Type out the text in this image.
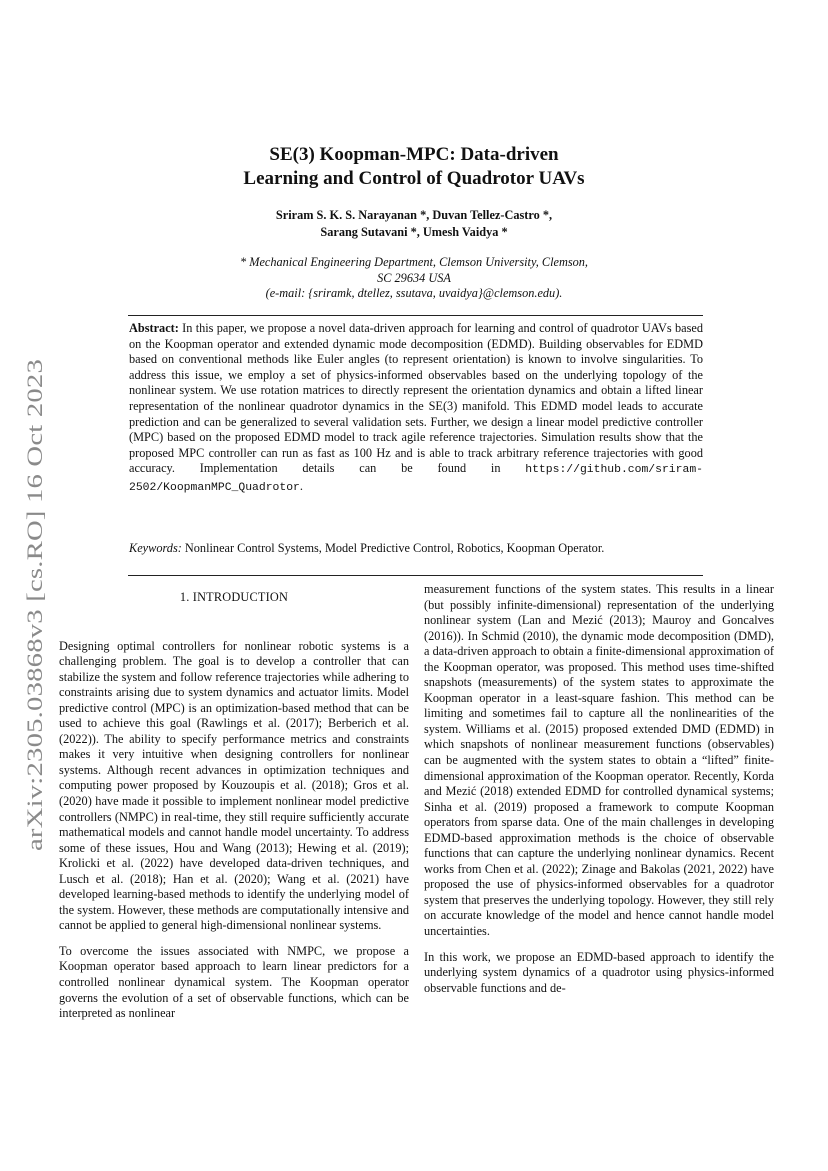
arXiv:2305.03868v3 [cs.RO] 16 Oct 2023
SE(3) Koopman-MPC: Data-driven
Learning and Control of Quadrotor UAVs
Sriram S. K. S. Narayanan *, Duvan Tellez-Castro *,
Sarang Sutavani *, Umesh Vaidya *
* Mechanical Engineering Department, Clemson University, Clemson,
SC 29634 USA
(e-mail: {sriramk, dtellez, ssutava, uvaidya}@clemson.edu).
Abstract: In this paper, we propose a novel data-driven approach for learning and control of quadrotor UAVs based on the Koopman operator and extended dynamic mode decomposition (EDMD). Building observables for EDMD based on conventional methods like Euler angles (to represent orientation) is known to involve singularities. To address this issue, we employ a set of physics-informed observables based on the underlying topology of the nonlinear system. We use rotation matrices to directly represent the orientation dynamics and obtain a lifted linear representation of the nonlinear quadrotor dynamics in the SE(3) manifold. This EDMD model leads to accurate prediction and can be generalized to several validation sets. Further, we design a linear model predictive controller (MPC) based on the proposed EDMD model to track agile reference trajectories. Simulation results show that the proposed MPC controller can run as fast as 100 Hz and is able to track arbitrary reference trajectories with good accuracy. Implementation details can be found in https://github.com/sriram-2502/KoopmanMPC_Quadrotor.
Keywords: Nonlinear Control Systems, Model Predictive Control, Robotics, Koopman Operator.
1. INTRODUCTION

Designing optimal controllers for nonlinear robotic systems is a challenging problem. The goal is to develop a controller that can stabilize the system and follow reference trajectories while adhering to constraints arising due to system dynamics and actuator limits. Model predictive control (MPC) is an optimization-based method that can be used to achieve this goal (Rawlings et al. (2017); Berberich et al. (2022)). The ability to specify performance metrics and constraints makes it very intuitive when designing controllers for nonlinear systems. Although recent advances in optimization techniques and computing power proposed by Kouzoupis et al. (2018); Gros et al. (2020) have made it possible to implement nonlinear model predictive controllers (NMPC) in real-time, they still require sufficiently accurate mathematical models and cannot handle model uncertainty. To address some of these issues, Hou and Wang (2013); Hewing et al. (2019); Krolicki et al. (2022) have developed data-driven techniques, and Lusch et al. (2018); Han et al. (2020); Wang et al. (2021) have developed learning-based methods to identify the underlying model of the system. However, these methods are computationally intensive and cannot be applied to general high-dimensional nonlinear systems.

To overcome the issues associated with NMPC, we propose a Koopman operator based approach to learn linear predictors for a controlled nonlinear dynamical system. The Koopman operator governs the evolution of a set of observable functions, which can be interpreted as nonlinear

measurement functions of the system states. This results in a linear (but possibly infinite-dimensional) representation of the underlying nonlinear system (Lan and Mezić (2013); Mauroy and Goncalves (2016)). In Schmid (2010), the dynamic mode decomposition (DMD), a data-driven approach to obtain a finite-dimensional approximation of the Koopman operator, was proposed. This method uses time-shifted snapshots (measurements) of the system states to approximate the Koopman operator in a least-square fashion. This method can be limiting and sometimes fail to capture all the nonlinearities of the system. Williams et al. (2015) proposed extended DMD (EDMD) in which snapshots of nonlinear measurement functions (observables) can be augmented with the system states to obtain a “lifted” finite-dimensional approximation of the Koopman operator. Recently, Korda and Mezić (2018) extended EDMD for controlled dynamical systems; Sinha et al. (2019) proposed a framework to compute Koopman operators from sparse data. One of the main challenges in developing EDMD-based approximation methods is the choice of observable functions that can capture the underlying nonlinear dynamics. Recent works from Chen et al. (2022); Zinage and Bakolas (2021, 2022) have proposed the use of physics-informed observables for a quadrotor system that preserves the underlying topology. However, they still rely on accurate knowledge of the model and hence cannot handle model uncertainties.

In this work, we propose an EDMD-based approach to identify the underlying system dynamics of a quadrotor using physics-informed observable functions and de-
